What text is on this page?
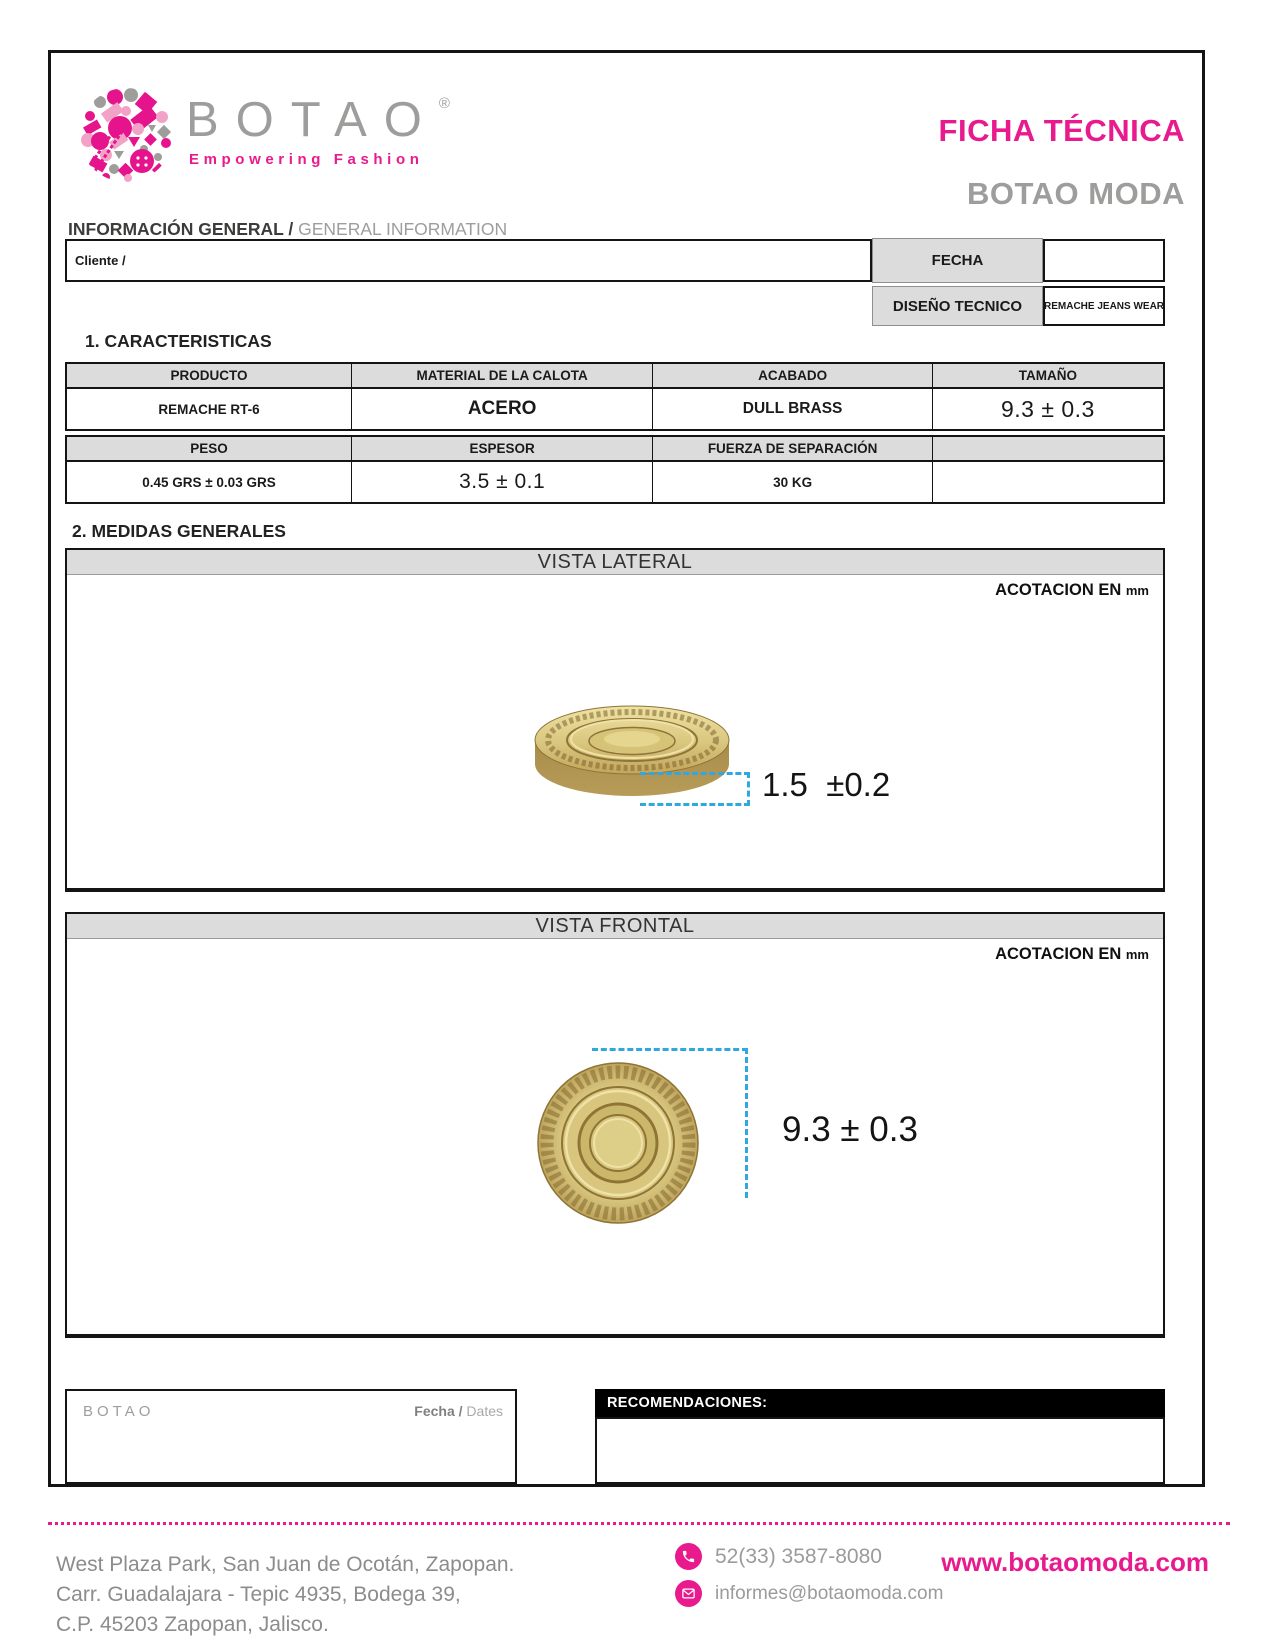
BOTAO®
Empowering Fashion
FICHA TÉCNICA
BOTAO MODA
INFORMACIÓN GENERAL / GENERAL INFORMATION
Cliente /	FECHA
DISEÑO TECNICO	REMACHE JEANS WEAR
1. CARACTERISTICAS
PRODUCTO	MATERIAL DE LA CALOTA	ACABADO	TAMAÑO
REMACHE RT-6	ACERO	DULL BRASS	9.3 ± 0.3
PESO	ESPESOR	FUERZA DE SEPARACIÓN
0.45 GRS ± 0.03 GRS	3.5 ± 0.1	30 KG
2. MEDIDAS GENERALES
VISTA LATERAL
ACOTACION EN mm
1.5  ±0.2
VISTA FRONTAL
ACOTACION EN mm
9.3 ± 0.3
BOTAO	Fecha / Dates	RECOMENDACIONES:
West Plaza Park, San Juan de Ocotán, Zapopan.
Carr. Guadalajara - Tepic 4935, Bodega 39,
C.P. 45203 Zapopan, Jalisco.
52(33) 3587-8080
informes@botaomoda.com
www.botaomoda.com
